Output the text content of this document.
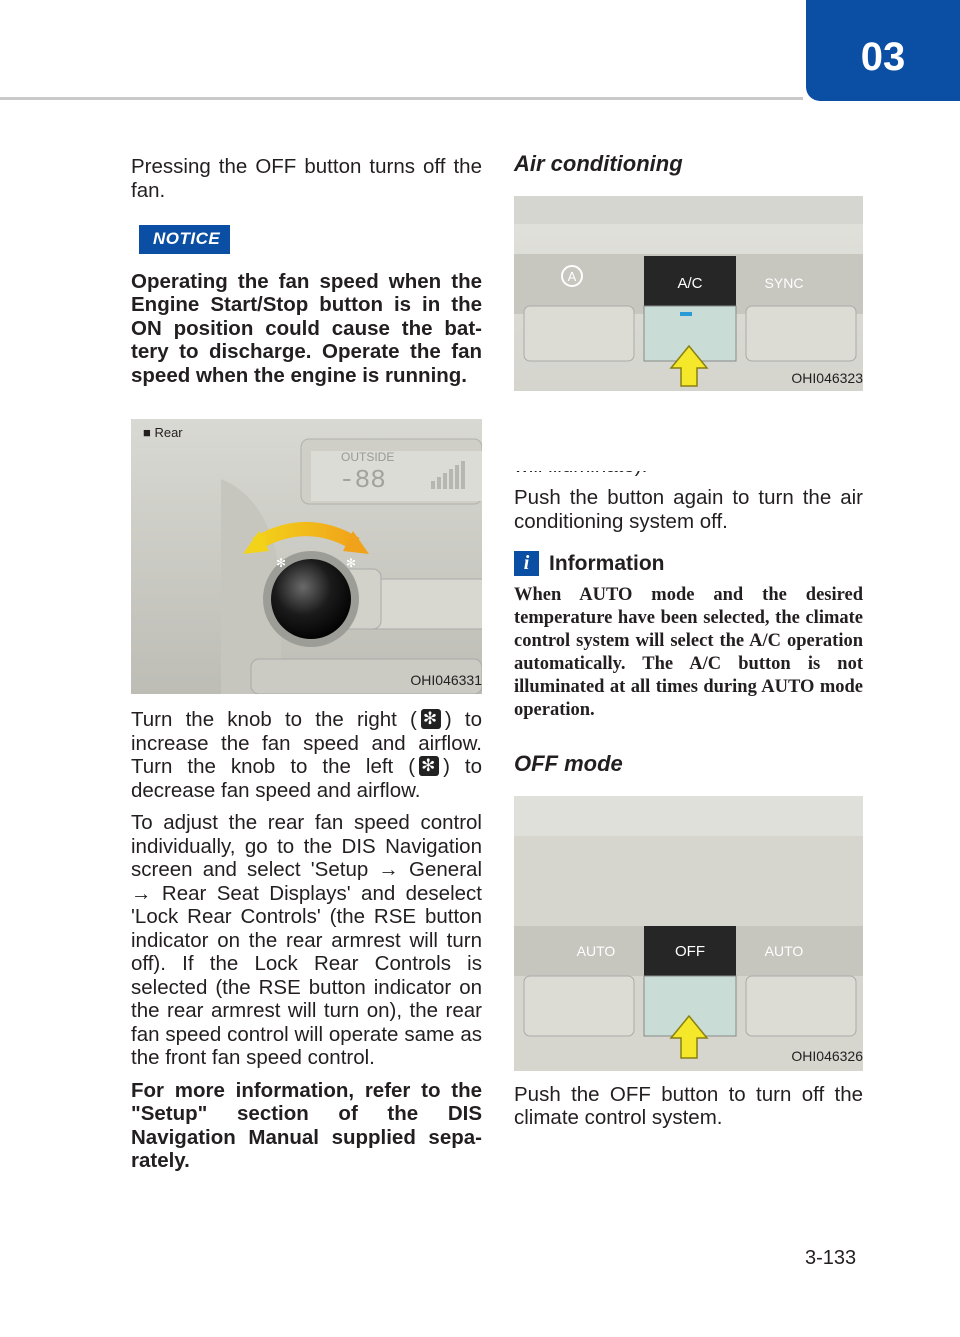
03

Pressing the OFF button turns off the fan.

NOTICE

Operating the fan speed when the Engine Start/Stop button is in the ON position could cause the bat- tery to discharge. Operate the fan speed when the engine is running.

OUTSIDE
-88
✻	✻
■ Rear
OHI046331

Turn the knob to the right ( ✻ ) to increase the fan speed and airflow. Turn the knob to the left ( ✻ ) to decrease fan speed and airflow.

To adjust the rear fan speed control individually, go to the DIS Navigation screen and select 'Setup → General → Rear Seat Displays' and deselect 'Lock Rear Controls' (the RSE button indicator on the rear armrest will turn off). If the Lock Rear Controls is selected (the RSE button indicator on the rear armrest will turn on), the rear fan speed control will operate same as the front fan speed control.

For more information, refer to the "Setup" section of the DIS Navigation Manual supplied sepa- rately.

Air conditioning
A/C	SYNC
A
OHI046323

Push the button again to turn the air conditioning system off.

i Information

When AUTO mode and the desired temperature have been selected, the climate control system will select the A/C operation automatically. The A/C button is not illuminated at all times during AUTO mode operation.

OFF mode
OFF
AUTO	AUTO
OHI046326

Push the OFF button to turn off the climate control system.

3-133
